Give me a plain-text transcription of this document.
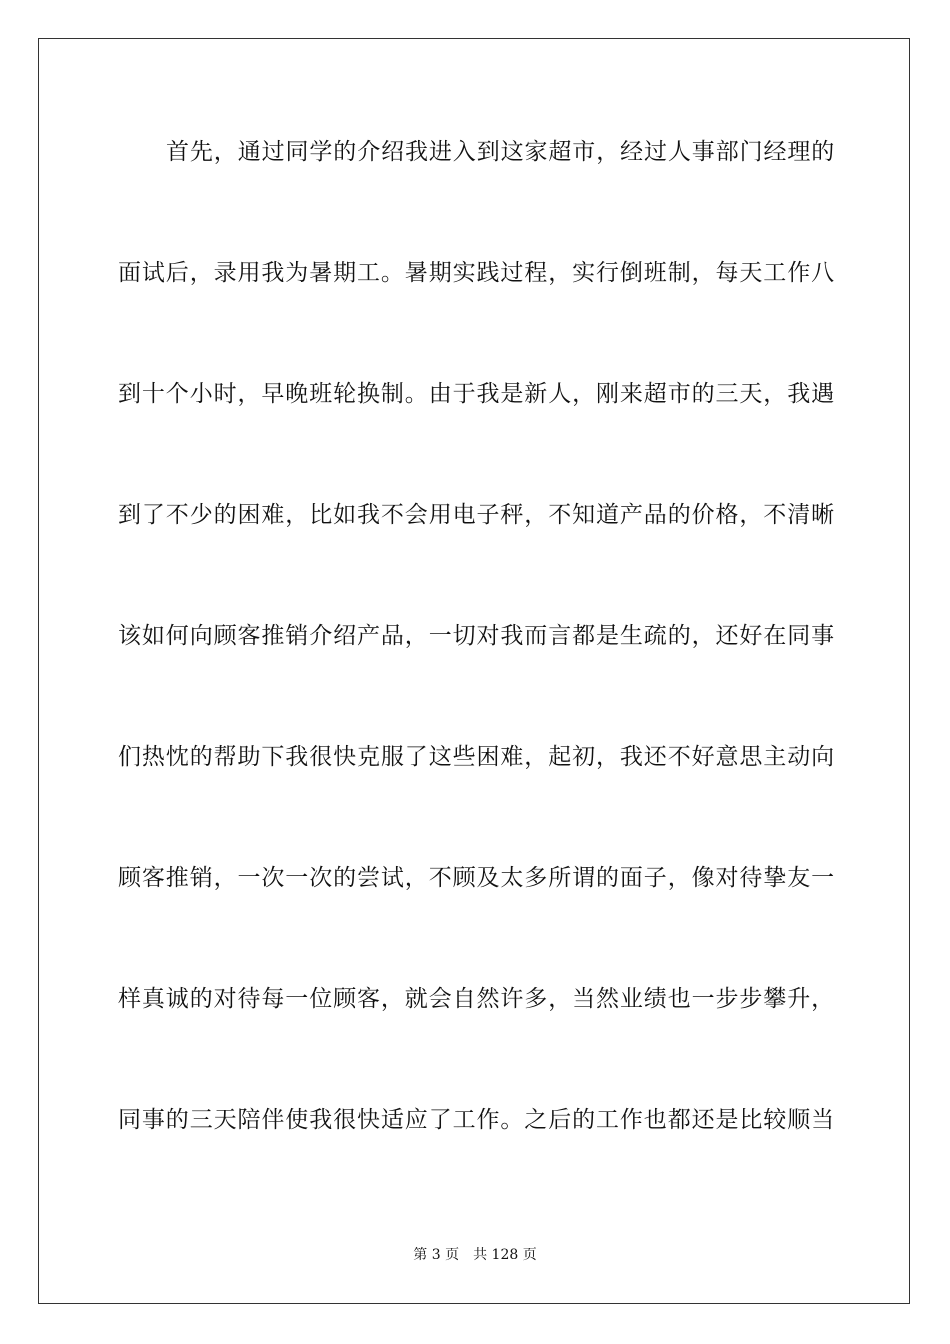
首先，通过同学的介绍我进入到这家超市，经过人事部门经理的
面试后，录用我为暑期工。暑期实践过程，实行倒班制，每天工作八
到十个小时，早晚班轮换制。由于我是新人，刚来超市的三天，我遇
到了不少的困难，比如我不会用电子秤，不知道产品的价格，不清晰
该如何向顾客推销介绍产品，一切对我而言都是生疏的，还好在同事
们热忱的帮助下我很快克服了这些困难，起初，我还不好意思主动向
顾客推销，一次一次的尝试，不顾及太多所谓的面子，像对待挚友一
样真诚的对待每一位顾客，就会自然许多，当然业绩也一步步攀升，
同事的三天陪伴使我很快适应了工作。之后的工作也都还是比较顺当
第 3 页 共 128 页
